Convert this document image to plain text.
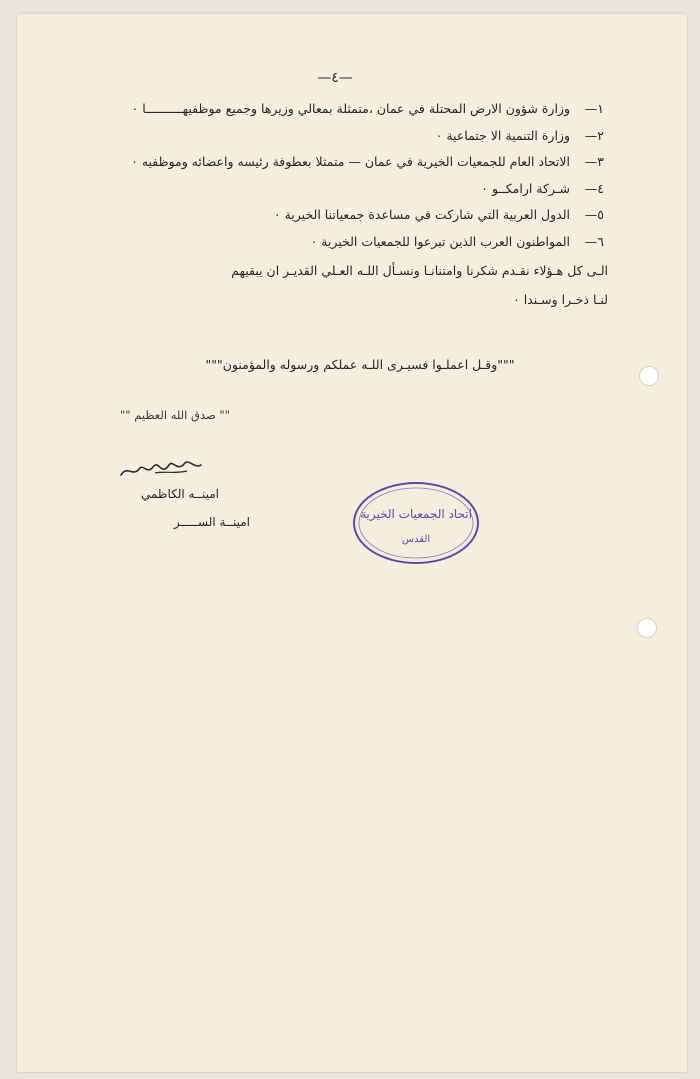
—٤—
١—
وزارة شؤون الارض المحتلة في عمان ،متمثلة بمعالي وزيرها وجميع موظفيهــــــــــا ٠
٢—
وزارة التنمية الا جتماعية ٠
٣—
الاتحاد العام للجمعيات الخيرية في عمان — متمثلا بعطوفة رئيسه واعضائه وموظفيه ٠
٤—
شـركة ارامكــو ٠
٥—
الدول العربية التي شاركت في مساعدة جمعياتنا الخيرية ٠
٦—
المواطنون العرب الذين تبرعوا للجمعيات الخيرية ٠
الـى كل هـؤلاء نقـدم شكرنا وامتنانـا ونسـأل اللـه العـلي القديـر ان يبقيهم
لنـا ذخـرا وسـندا ٠
"""وقـل اعملـوا فسيـرى اللـه عملكم ورسوله والمؤمنون"""
"" صدق الله العظيم ""
امينــه الكاظمي
امينــة الســـــر
اتحاد الجمعيات الخيرية
القدس
